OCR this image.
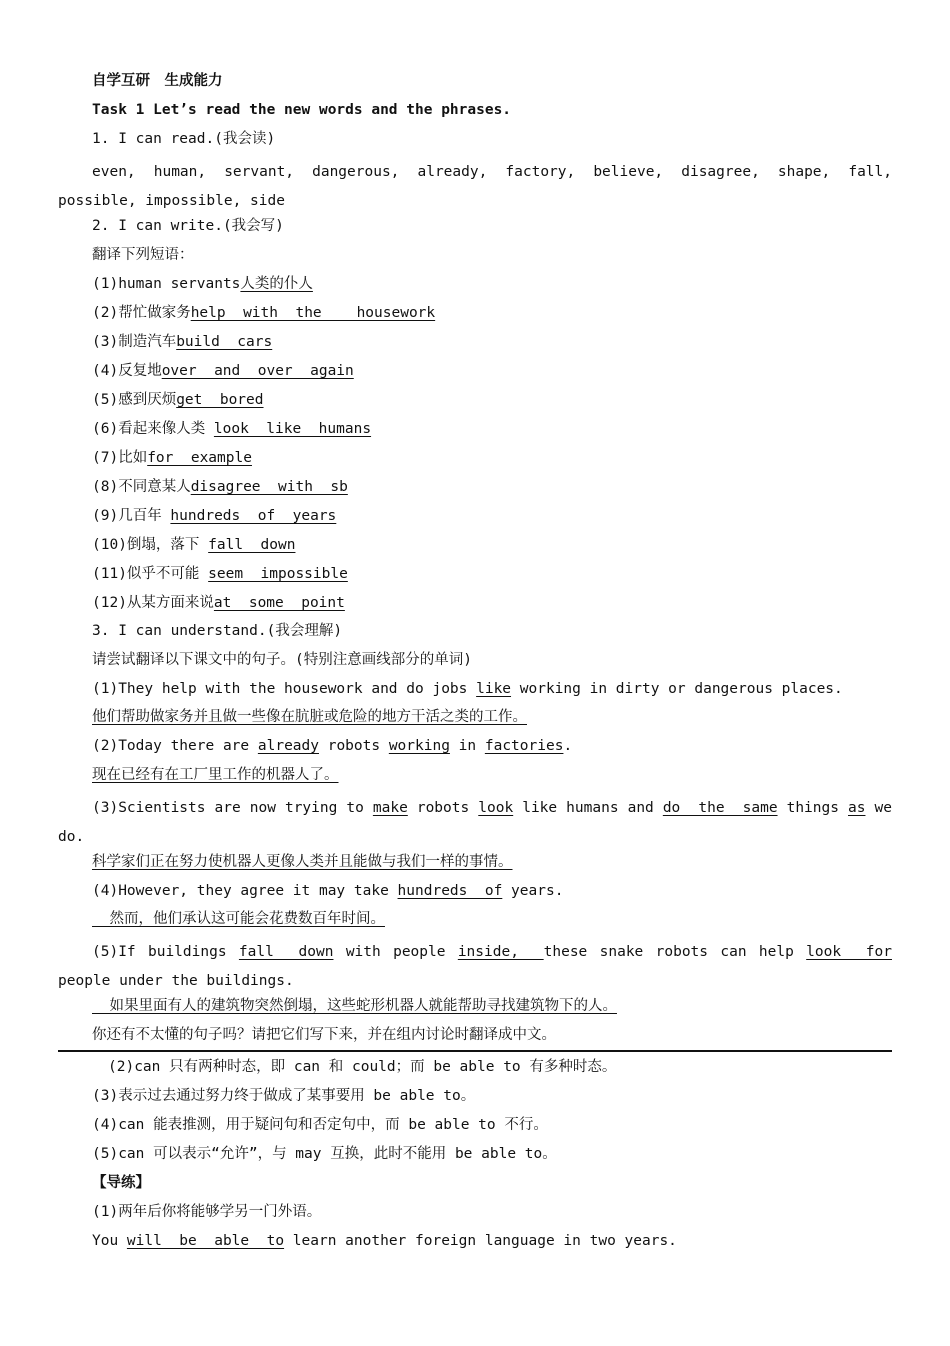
自学互研　生成能力
Task 1 Let’s read the new words and the phrases.
1. I can read.(我会读)
even, human, servant, dangerous, already, factory, believe, disagree, shape, fall, possible, impossible, side
2. I can write.(我会写)
翻译下列短语：
(1)human servants人类的仆人
(2)帮忙做家务help  with  the    housework
(3)制造汽车build  cars
(4)反复地over  and  over  again
(5)感到厌烦get  bored
(6)看起来像人类 look  like  humans
(7)比如for  example
(8)不同意某人disagree  with  sb
(9)几百年 hundreds  of  years
(10)倒塌，落下 fall  down
(11)似乎不可能 seem  impossible
(12)从某方面来说at  some  point
3. I can understand.(我会理解)
请尝试翻译以下课文中的句子。(特别注意画线部分的单词)
(1)They help with the housework and do jobs like working in dirty or dangerous places.
他们帮助做家务并且做一些像在肮脏或危险的地方干活之类的工作。
(2)Today there are already robots working in factories.
现在已经有在工厂里工作的机器人了。
(3)Scientists are now trying to make robots look like humans and do  the  same things as we do.
科学家们正在努力使机器人更像人类并且能做与我们一样的事情。
(4)However, they agree it may take hundreds  of years.
然而，他们承认这可能会花费数百年时间。
(5)If buildings fall  down with people inside,  these snake robots can help look  for people under the buildings.
如果里面有人的建筑物突然倒塌，这些蛇形机器人就能帮助寻找建筑物下的人。
你还有不太懂的句子吗？请把它们写下来，并在组内讨论时翻译成中文。
(2)can 只有两种时态，即 can 和 could；而 be able to 有多种时态。
(3)表示过去通过努力终于做成了某事要用 be able to。
(4)can 能表推测，用于疑问句和否定句中，而 be able to 不行。
(5)can 可以表示“允许”，与 may 互换，此时不能用 be able to。
【导练】
(1)两年后你将能够学另一门外语。
You will  be  able  to learn another foreign language in two years.
